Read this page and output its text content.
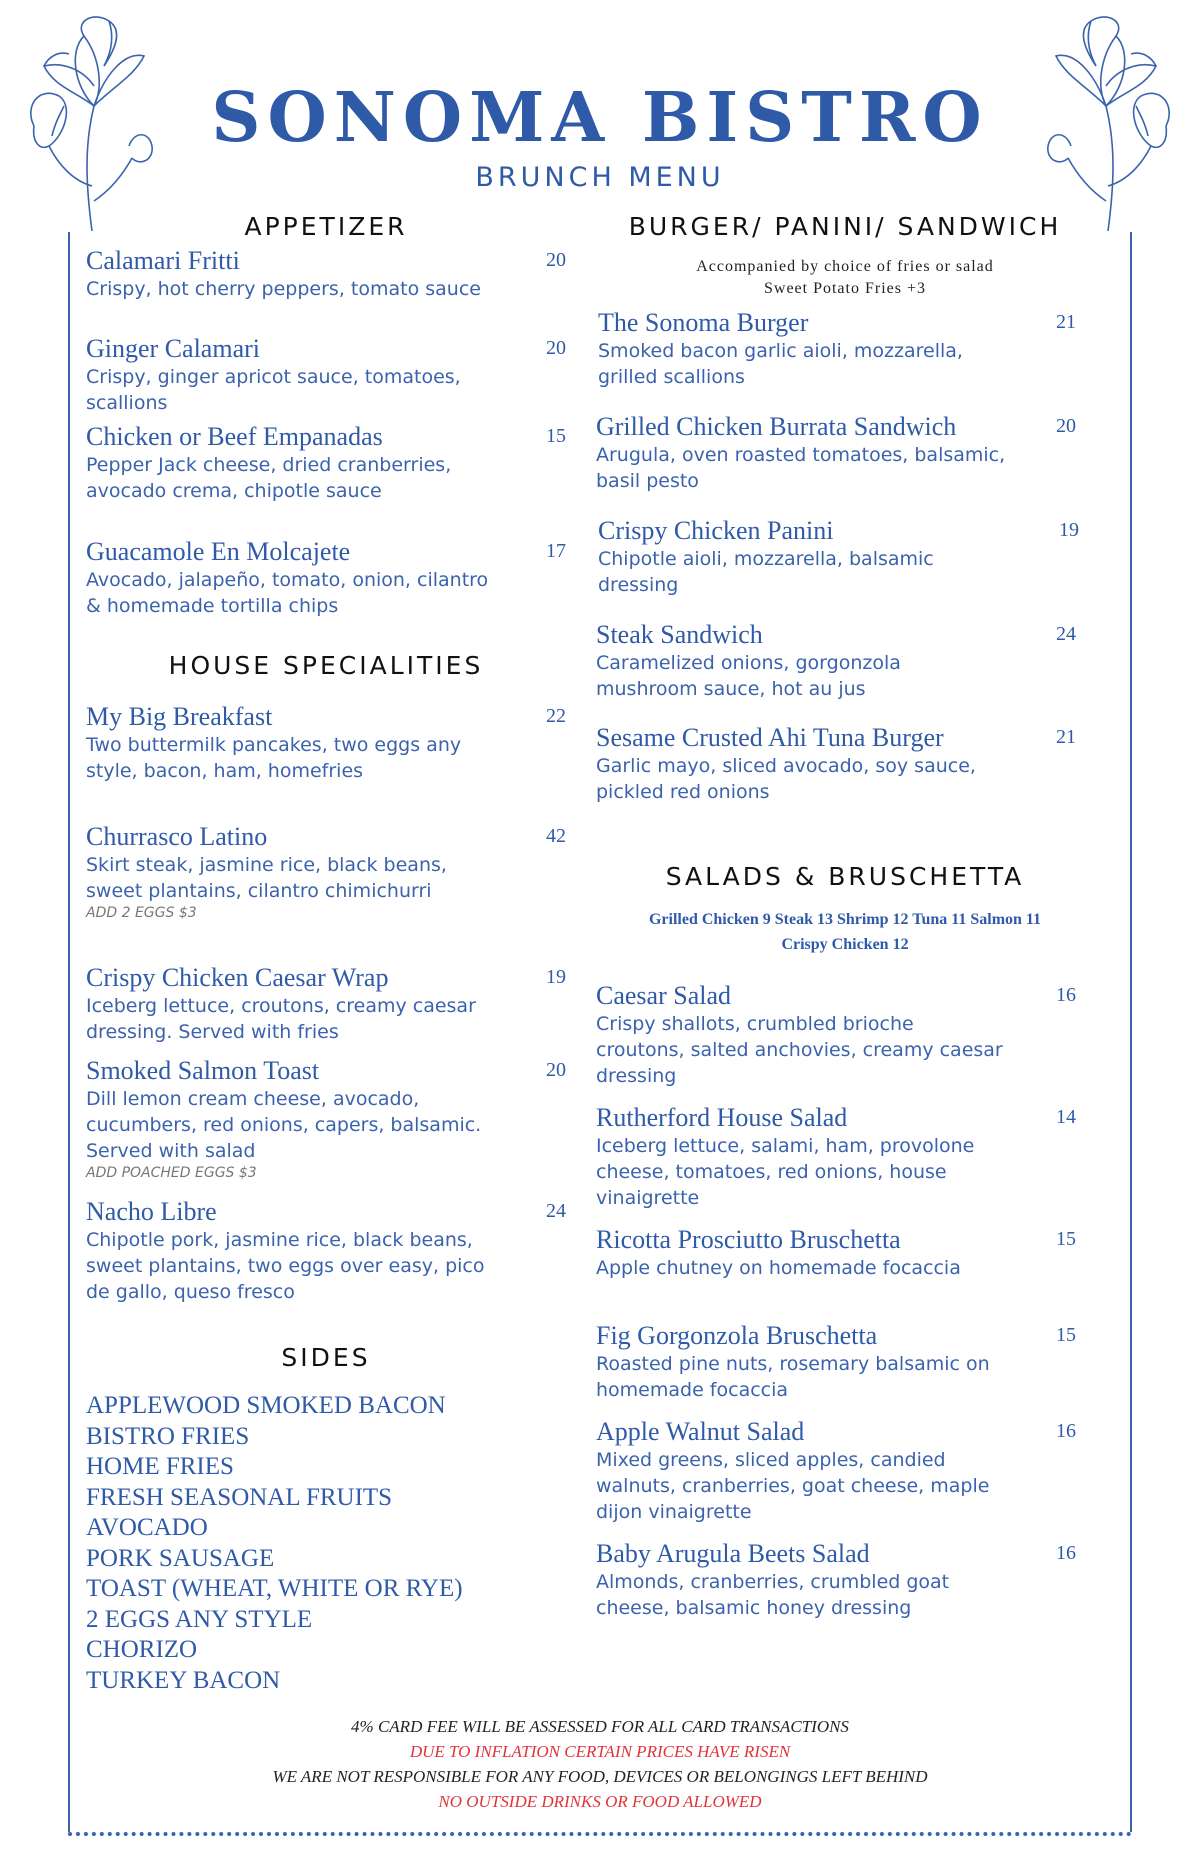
SONOMA BISTRO
BRUNCH MENU
APPETIZER
Calamari Fritti	20
Crispy, hot cherry peppers, tomato sauce
Ginger Calamari	20
Crispy, ginger apricot sauce, tomatoes, scallions
Chicken or Beef Empanadas	15
Pepper Jack cheese, dried cranberries, avocado crema, chipotle sauce
Guacamole En Molcajete	17
Avocado, jalapeño, tomato, onion, cilantro & homemade tortilla chips
HOUSE SPECIALITIES
My Big Breakfast	22
Two buttermilk pancakes, two eggs any style, bacon, ham, homefries
Churrasco Latino	42
Skirt steak, jasmine rice, black beans, sweet plantains, cilantro chimichurri
ADD 2 EGGS $3
Crispy Chicken Caesar Wrap	19
Iceberg lettuce, croutons, creamy caesar dressing. Served with fries
Smoked Salmon Toast	20
Dill lemon cream cheese, avocado, cucumbers, red onions, capers, balsamic. Served with salad
ADD POACHED EGGS $3
Nacho Libre	24
Chipotle pork, jasmine rice, black beans, sweet plantains, two eggs over easy, pico de gallo, queso fresco
SIDES
APPLEWOOD SMOKED BACON
BISTRO FRIES
HOME FRIES
FRESH SEASONAL FRUITS
AVOCADO
PORK SAUSAGE
TOAST (WHEAT, WHITE OR RYE)
2 EGGS ANY STYLE
CHORIZO
TURKEY BACON
BURGER/ PANINI/ SANDWICH
Accompanied by choice of fries or salad
Sweet Potato Fries +3
The Sonoma Burger	21
Smoked bacon garlic aioli, mozzarella, grilled scallions
Grilled Chicken Burrata Sandwich	20
Arugula, oven roasted tomatoes, balsamic, basil pesto
Crispy Chicken Panini	19
Chipotle aioli, mozzarella, balsamic dressing
Steak Sandwich	24
Caramelized onions, gorgonzola mushroom sauce, hot au jus
Sesame Crusted Ahi Tuna Burger	21
Garlic mayo, sliced avocado, soy sauce, pickled red onions
SALADS & BRUSCHETTA
Grilled Chicken 9 Steak 13 Shrimp 12 Tuna 11 Salmon 11
Crispy Chicken 12
Caesar Salad	16
Crispy shallots, crumbled brioche croutons, salted anchovies, creamy caesar dressing
Rutherford House Salad	14
Iceberg lettuce, salami, ham, provolone cheese, tomatoes, red onions, house vinaigrette
Ricotta Prosciutto Bruschetta	15
Apple chutney on homemade focaccia
Fig Gorgonzola Bruschetta	15
Roasted pine nuts, rosemary balsamic on homemade focaccia
Apple Walnut Salad	16
Mixed greens, sliced apples, candied walnuts, cranberries, goat cheese, maple dijon vinaigrette
Baby Arugula Beets Salad	16
Almonds, cranberries, crumbled goat cheese, balsamic honey dressing
4% CARD FEE WILL BE ASSESSED FOR ALL CARD TRANSACTIONS
DUE TO INFLATION CERTAIN PRICES HAVE RISEN
WE ARE NOT RESPONSIBLE FOR ANY FOOD, DEVICES OR BELONGINGS LEFT BEHIND
NO OUTSIDE DRINKS OR FOOD ALLOWED
